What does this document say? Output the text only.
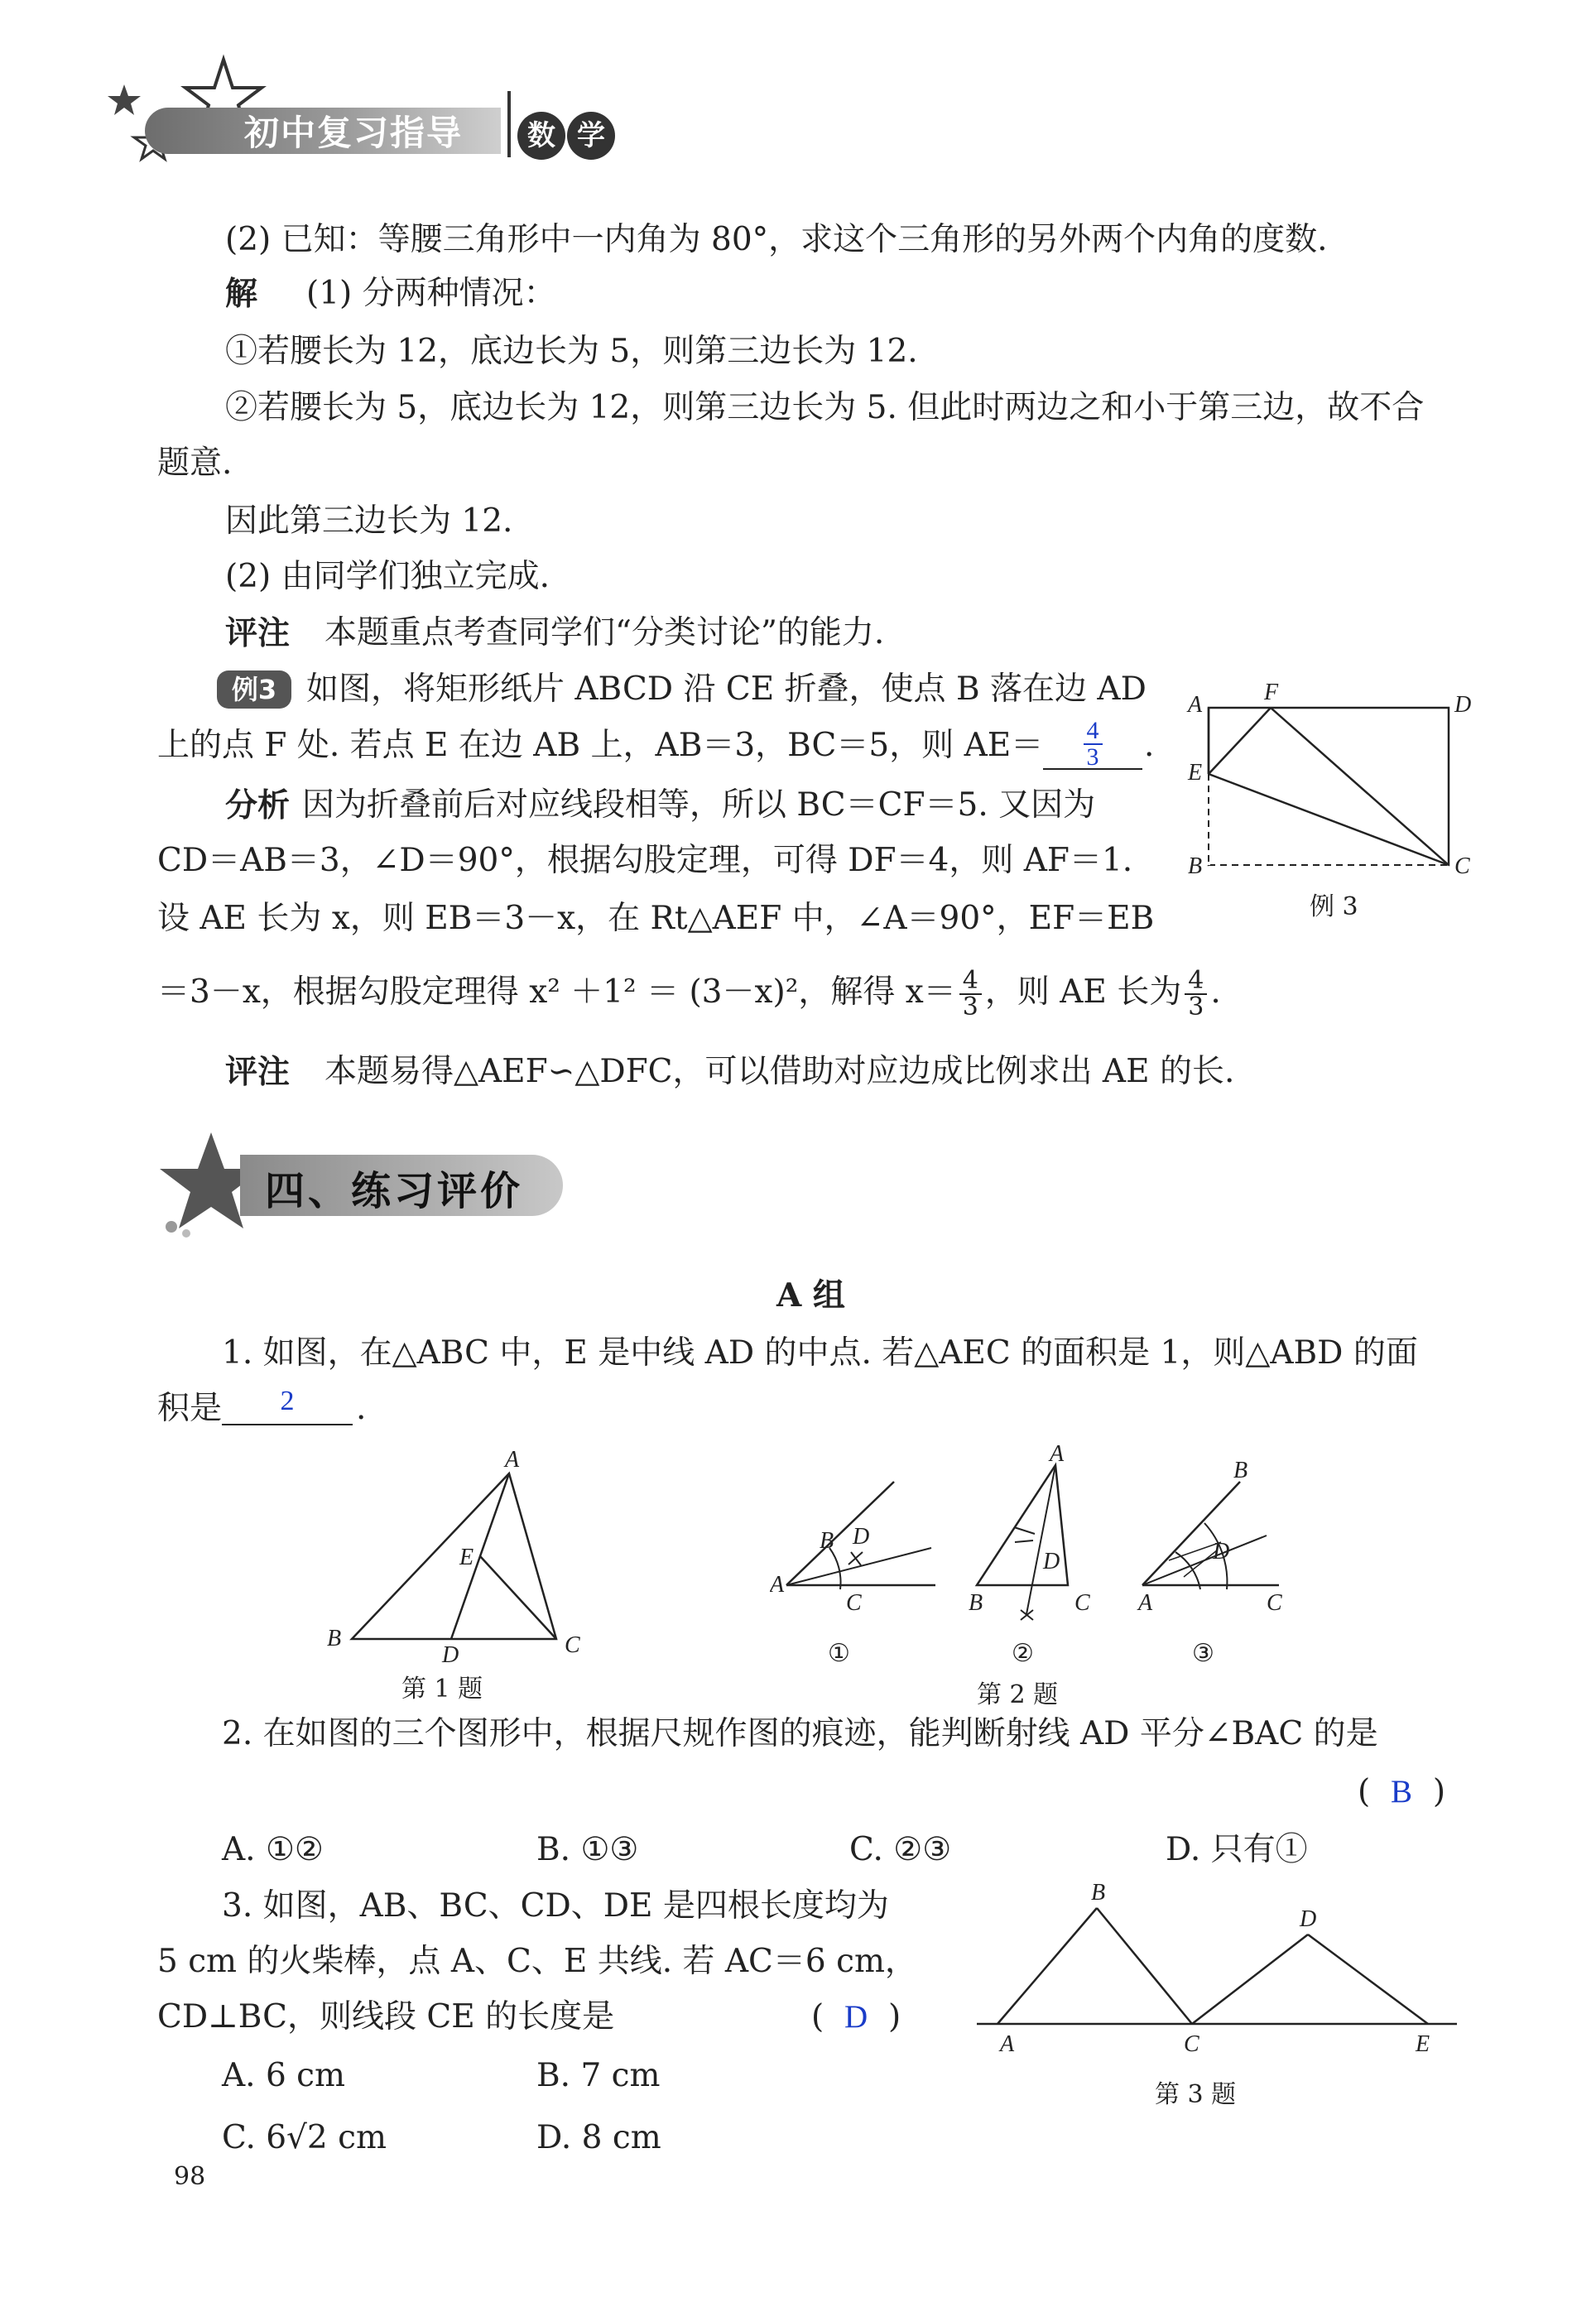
初中复习指导	数 学
(2) 已知：等腰三角形中一内角为 80°，求这个三角形的另外两个内角的度数.
解 (1) 分两种情况：
①若腰长为 12，底边长为 5，则第三边长为 12.
②若腰长为 5，底边长为 12，则第三边长为 5. 但此时两边之和小于第三边，故不合
题意.
因此第三边长为 12.
(2) 由同学们独立完成.
评注 本题重点考查同学们“分类讨论”的能力.
例3 如图，将矩形纸片 ABCD 沿 CE 折叠，使点 B 落在边 AD
上的点 F 处. 若点 E 在边 AB 上，AB＝3，BC＝5，则 $AE= \frac{4}{3}$ .
A	F	D
E
B	C
例 3
分析 因为折叠前后对应线段相等，所以 BC＝CF＝5. 又因为
CD＝AB＝3，∠D＝90°，根据勾股定理，可得 DF＝4，则 AF＝1.
设 AE 长为 x，则 EB＝3－x，在 Rt△AEF 中，∠A＝90°，EF＝EB
＝3－x，根据勾股定理得 x² ＋1² ＝ (3－x)²，解得 $x= \frac{4}{3}$ ，则 AE 长为 $\frac{4}{3}$ .
评注 本题易得△AEF∽△DFC，可以借助对应边成比例求出 AE 的长.
四、练习评价
A 组
1. 如图，在△ABC 中，E 是中线 AD 的中点. 若△AEC 的面积是 1，则△ABD 的面
积是	2	.
A
E
B
D	C
第 1 题
B D
A
C
①
A
D
B	C
②
第 2 题
B
D
A	C
③
2. 在如图的三个图形中，根据尺规作图的痕迹，能判断射线 AD 平分∠BAC 的是
(  B  )
A. ①②	B. ①③	C. ②③	D. 只有①
3. 如图，AB、BC、CD、DE 是四根长度均为
5 cm 的火柴棒，点 A、C、E 共线. 若 AC＝6 cm，
CD⊥BC，则线段 CE 的长度是	(  D  )
A. 6 cm	B. 7 cm
C. 6√2 cm	D. 8 cm
B
D
A	C	E
第 3 题
98
